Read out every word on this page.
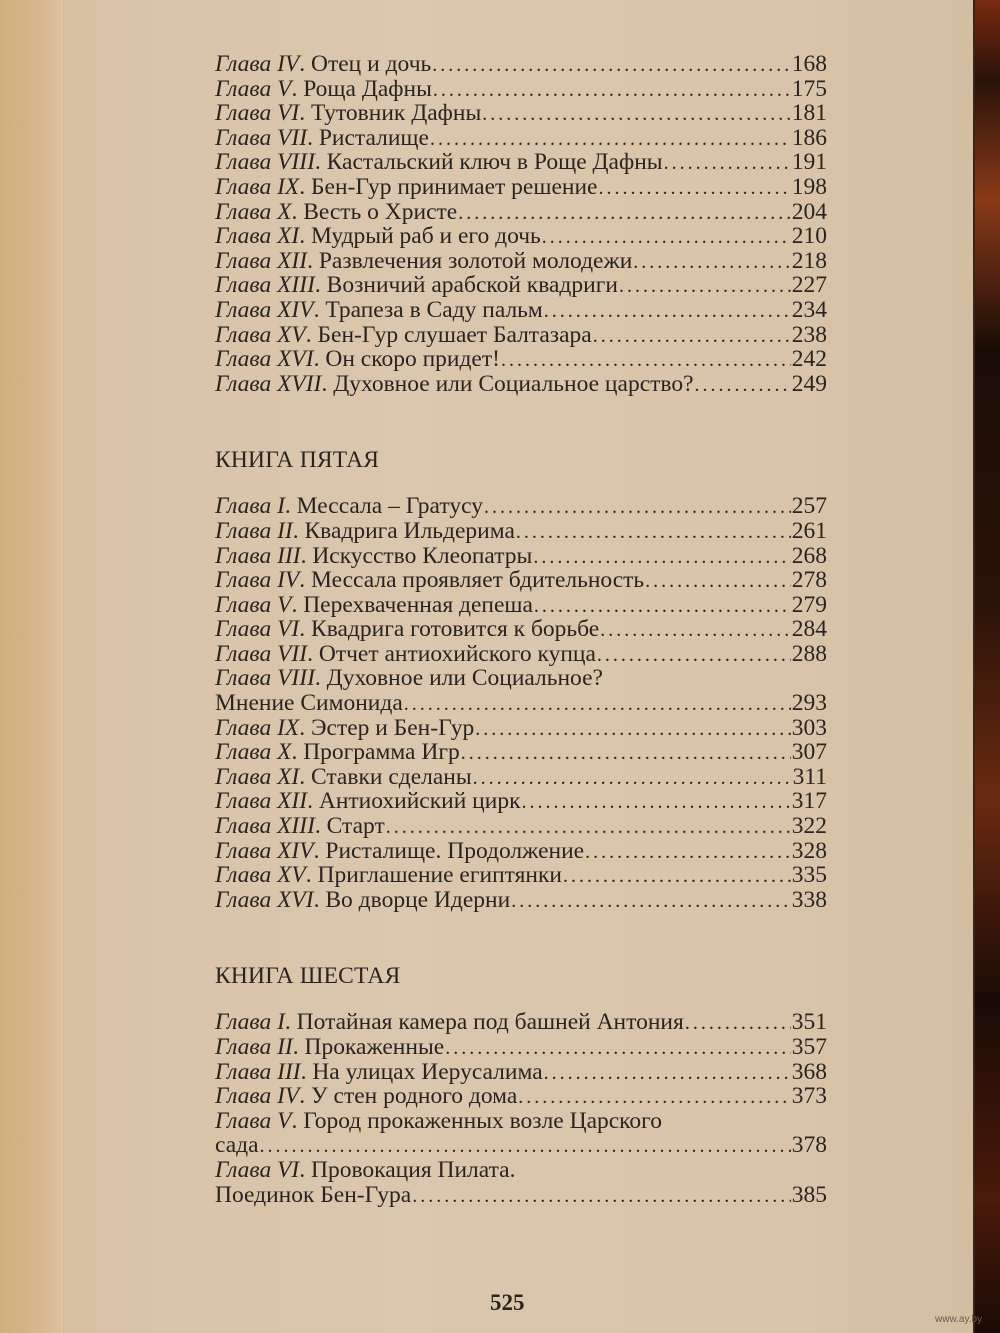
Глава IV. Отец и дочь .....	168
Глава V. Роща Дафны .....	175
Глава VI. Тутовник Дафны .....	181
Глава VII. Ристалище .....	186
Глава VIII. Кастальский ключ в Роще Дафны .....	191
Глава IX. Бен-Гур принимает решение .....	198
Глава X. Весть о Христе .....	204
Глава XI. Мудрый раб и его дочь .....	210
Глава XII. Развлечения золотой молодежи .....	218
Глава XIII. Возничий арабской квадриги .....	227
Глава XIV. Трапеза в Саду пальм .....	234
Глава XV. Бен-Гур слушает Балтазара .....	238
Глава XVI. Он скоро придет! .....	242
Глава XVII. Духовное или Социальное царство? .....	249
КНИГА ПЯТАЯ
Глава I. Мессала – Гратусу .....	257
Глава II. Квадрига Ильдерима .....	261
Глава III. Искусство Клеопатры .....	268
Глава IV. Мессала проявляет бдительность .....	278
Глава V. Перехваченная депеша .....	279
Глава VI. Квадрига готовится к борьбе .....	284
Глава VII. Отчет антиохийского купца .....	288
Глава VIII. Духовное или Социальное?
Мнение Симонида .....	293
Глава IX. Эстер и Бен-Гур .....	303
Глава X. Программа Игр .....	307
Глава XI. Ставки сделаны .....	311
Глава XII. Антиохийский цирк .....	317
Глава XIII. Старт .....	322
Глава XIV. Ристалище. Продолжение .....	328
Глава XV. Приглашение египтянки .....	335
Глава XVI. Во дворце Идерни .....	338
КНИГА ШЕСТАЯ
Глава I. Потайная камера под башней Антония .....	351
Глава II. Прокаженные .....	357
Глава III. На улицах Иерусалима .....	368
Глава IV. У стен родного дома .....	373
Глава V. Город прокаженных возле Царского
сада .....	378
Глава VI. Провокация Пилата.
Поединок Бен-Гура .....	385
525
www.ay.by
